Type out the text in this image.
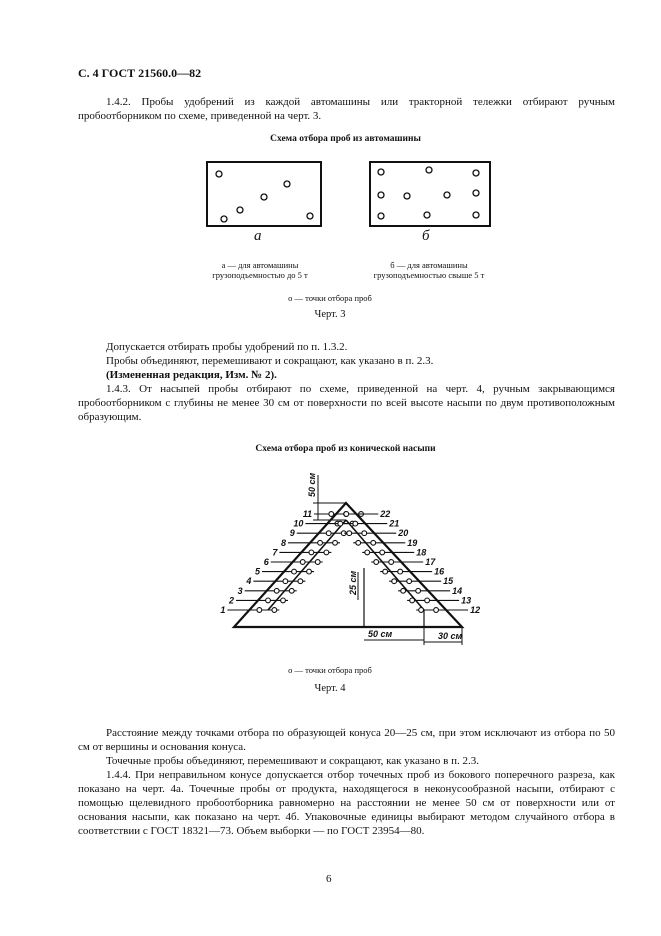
С. 4 ГОСТ 21560.0—82
1.4.2. Пробы удобрений из каждой автомашины или тракторной тележки отбирают ручным пробоотборником по схеме, приведенной на черт. 3.
Схема отбора проб из автомашины
а	б
а — для автомашины
грузоподъемностью до 5 т
б — для автомашины
грузоподъемностью свыше 5 т
о — точки отбора проб
Черт. 3
Допускается отбирать пробы удобрений по п. 1.3.2.
Пробы объединяют, перемешивают и сокращают, как указано в п. 2.3.
(Измененная редакция, Изм. № 2).
1.4.3. От насыпей пробы отбирают по схеме, приведенной на черт. 4, ручным закрывающимся пробоотборником с глубины не менее 30 см от поверхности по всей высоте насыпи по двум противоположным образующим.
Схема отбора проб из конической насыпи
50 см
25 см
50 см	30 см
1
2
3
4
5
6
7
8
9
10
11
12
13
14
15
16
17
18
19
20
21
22
о — точки отбора проб
Черт. 4
Расстояние между точками отбора по образующей конуса 20—25 см, при этом исключают из отбора по 50 см от вершины и основания конуса.
Точечные пробы объединяют, перемешивают и сокращают, как указано в п. 2.3.
1.4.4. При неправильном конусе допускается отбор точечных проб из бокового поперечного разреза, как показано на черт. 4а. Точечные пробы от продукта, находящегося в неконусообразной насыпи, отбирают с помощью щелевидного пробоотборника равномерно на расстоянии не менее 50 см от поверхности или от основания насыпи, как показано на черт. 4б. Упаковочные единицы выбирают методом случайного отбора в соответствии с ГОСТ 18321—73. Объем выборки — по ГОСТ 23954—80.
6
